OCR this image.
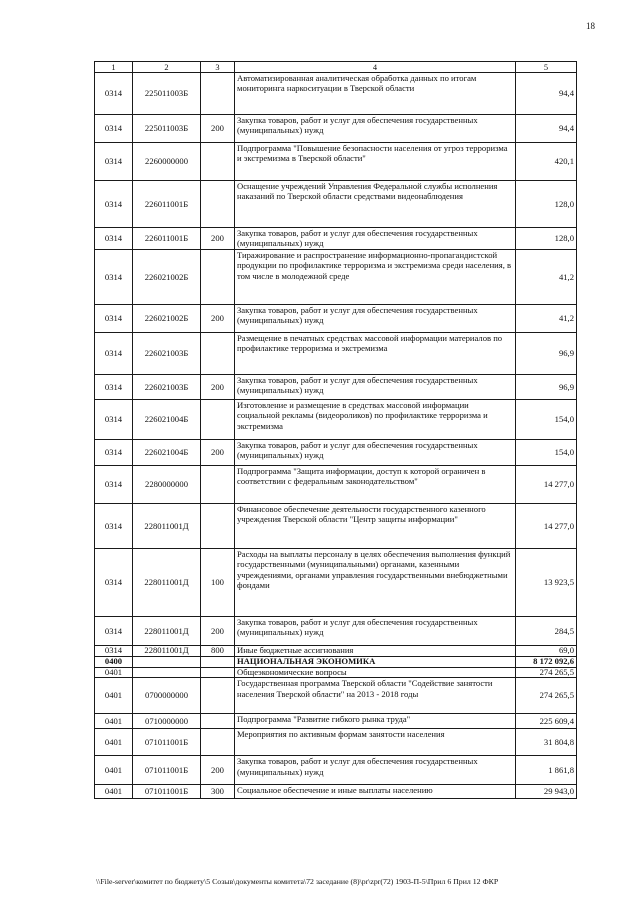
18
1	2	3	4	5
0314	225011003Б		Автоматизированная аналитическая обработка данных по итогам мониторинга наркоситуации в Тверской области	94,4
0314	225011003Б	200	Закупка товаров, работ и услуг для обеспечения государственных (муниципальных) нужд	94,4
0314	2260000000		Подпрограмма "Повышение безопасности населения от угроз терроризма и экстремизма в Тверской области"	420,1
0314	226011001Б		Оснащение учреждений Управления Федеральной службы исполнения наказаний по Тверской области средствами видеонаблюдения	128,0
0314	226011001Б	200	Закупка товаров, работ и услуг для обеспечения государственных (муниципальных) нужд	128,0
0314	226021002Б		Тиражирование и распространение информационно-пропагандистской продукции по профилактике терроризма и экстремизма среди населения, в том числе в молодежной среде	41,2
0314	226021002Б	200	Закупка товаров, работ и услуг для обеспечения государственных (муниципальных) нужд	41,2
0314	226021003Б		Размещение в печатных средствах массовой информации материалов по профилактике терроризма и экстремизма	96,9
0314	226021003Б	200	Закупка товаров, работ и услуг для обеспечения государственных (муниципальных) нужд	96,9
0314	226021004Б		Изготовление и размещение в средствах массовой информации социальной рекламы (видеороликов) по профилактике терроризма и экстремизма	154,0
0314	226021004Б	200	Закупка товаров, работ и услуг для обеспечения государственных (муниципальных) нужд	154,0
0314	2280000000		Подпрограмма "Защита информации, доступ к которой ограничен в соответствии с федеральным законодательством"	14 277,0
0314	228011001Д		Финансовое обеспечение деятельности государственного казенного учреждения Тверской области "Центр защиты информации"	14 277,0
0314	228011001Д	100	Расходы на выплаты персоналу в целях обеспечения выполнения функций государственными (муниципальными) органами, казенными учреждениями, органами управления государственными внебюджетными фондами	13 923,5
0314	228011001Д	200	Закупка товаров, работ и услуг для обеспечения государственных (муниципальных) нужд	284,5
0314	228011001Д	800	Иные бюджетные ассигнования	69,0
0400			НАЦИОНАЛЬНАЯ ЭКОНОМИКА	8 172 092,6
0401			Общеэкономические вопросы	274 265,5
0401	0700000000		Государственная программа Тверской области "Содействие занятости населения Тверской области" на 2013 - 2018 годы	274 265,5
0401	0710000000		Подпрограмма "Развитие гибкого рынка труда"	225 609,4
0401	071011001Б		Мероприятия по активным формам занятости населения	31 804,8
0401	071011001Б	200	Закупка товаров, работ и услуг для обеспечения государственных (муниципальных) нужд	1 861,8
0401	071011001Б	300	Социальное обеспечение и иные выплаты населению	29 943,0
\\File-server\комитет по бюджету\5 Созыв\документы комитета\72 заседание (8)\pr\zpr(72) 1903-П-5\Прил 6 Прил 12 ФКР
